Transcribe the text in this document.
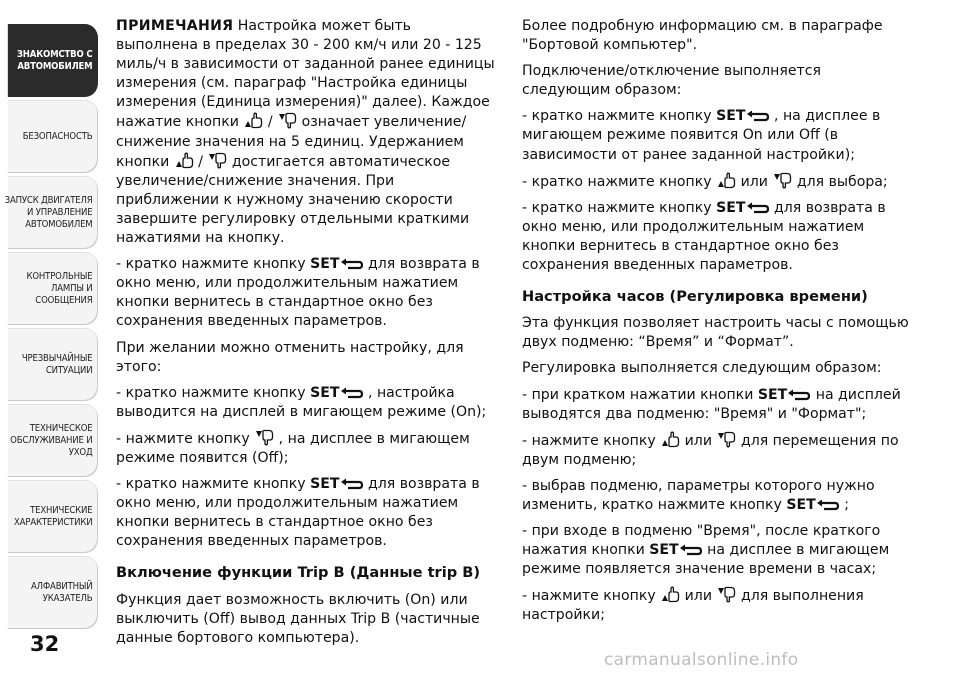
ЗНАКОМСТВО С
АВТОМОБИЛЕМ
БЕЗОПАСНОСТЬ
ЗАПУСК ДВИГАТЕЛЯ
И УПРАВЛЕНИЕ
АВТОМОБИЛЕМ
КОНТРОЛЬНЫЕ
ЛАМПЫ И
СООБЩЕНИЯ
ЧРЕЗВЫЧАЙНЫЕ
СИТУАЦИИ
ТЕХНИЧЕСКОЕ
ОБСЛУЖИВАНИЕ И
УХОД
ТЕХНИЧЕСКИЕ
ХАРАКТЕРИСТИКИ
АЛФАВИТНЫЙ
УКАЗАТЕЛЬ
32

ПРИМЕЧАНИЯ Настройка может быть выполнена в пределах 30 - 200 км/ч или 20 - 125 миль/ч в зависимости от заданной ранее единицы измерения (см. параграф "Настройка единицы измерения (Единица измерения)" далее). Каждое нажатие кнопки
/
означает увеличение/снижение значения на 5 единиц. Удержанием кнопки
/
достигается автоматическое увеличение/снижение значения. При приближении к нужному значению скорости завершите регулировку отдельными краткими нажатиями на кнопку.

- кратко нажмите кнопку SET
для возврата в окно меню, или продолжительным нажатием кнопки вернитесь в стандартное окно без сохранения введенных параметров.

При желании можно отменить настройку, для этого:

- кратко нажмите кнопку SET
, настройка выводится на дисплей в мигающем режиме (On);

- нажмите кнопку
, на дисплее в мигающем режиме появится (Off);

- кратко нажмите кнопку SET
для возврата в окно меню, или продолжительным нажатием кнопки вернитесь в стандартное окно без сохранения введенных параметров.

Включение функции Trip B (Данные trip B)

Функция дает возможность включить (On) или выключить (Off) вывод данных Trip B (частичные данные бортового компьютера).

Более подробную информацию см. в параграфе "Бортовой компьютер".

Подключение/отключение выполняется следующим образом:

- кратко нажмите кнопку SET
, на дисплее в мигающем режиме появится On или Off (в зависимости от ранее заданной настройки);

- кратко нажмите кнопку
или
для выбора;

- кратко нажмите кнопку SET
для возврата в окно меню, или продолжительным нажатием кнопки вернитесь в стандартное окно без сохранения введенных параметров.

Настройка часов (Регулировка времени)

Эта функция позволяет настроить часы с помощью двух подменю: “Время” и “Формат”.

Регулировка выполняется следующим образом:

- при кратком нажатии кнопки SET
на дисплей выводятся два подменю: "Время" и "Формат";

- нажмите кнопку
или
для перемещения по двум подменю;

- выбрав подменю, параметры которого нужно изменить, кратко нажмите кнопку SET
;

- при входе в подменю "Время", после краткого нажатия кнопки SET
на дисплее в мигающем режиме появляется значение времени в часах;

- нажмите кнопку
или
для выполнения настройки;

carmanualsonline.info
